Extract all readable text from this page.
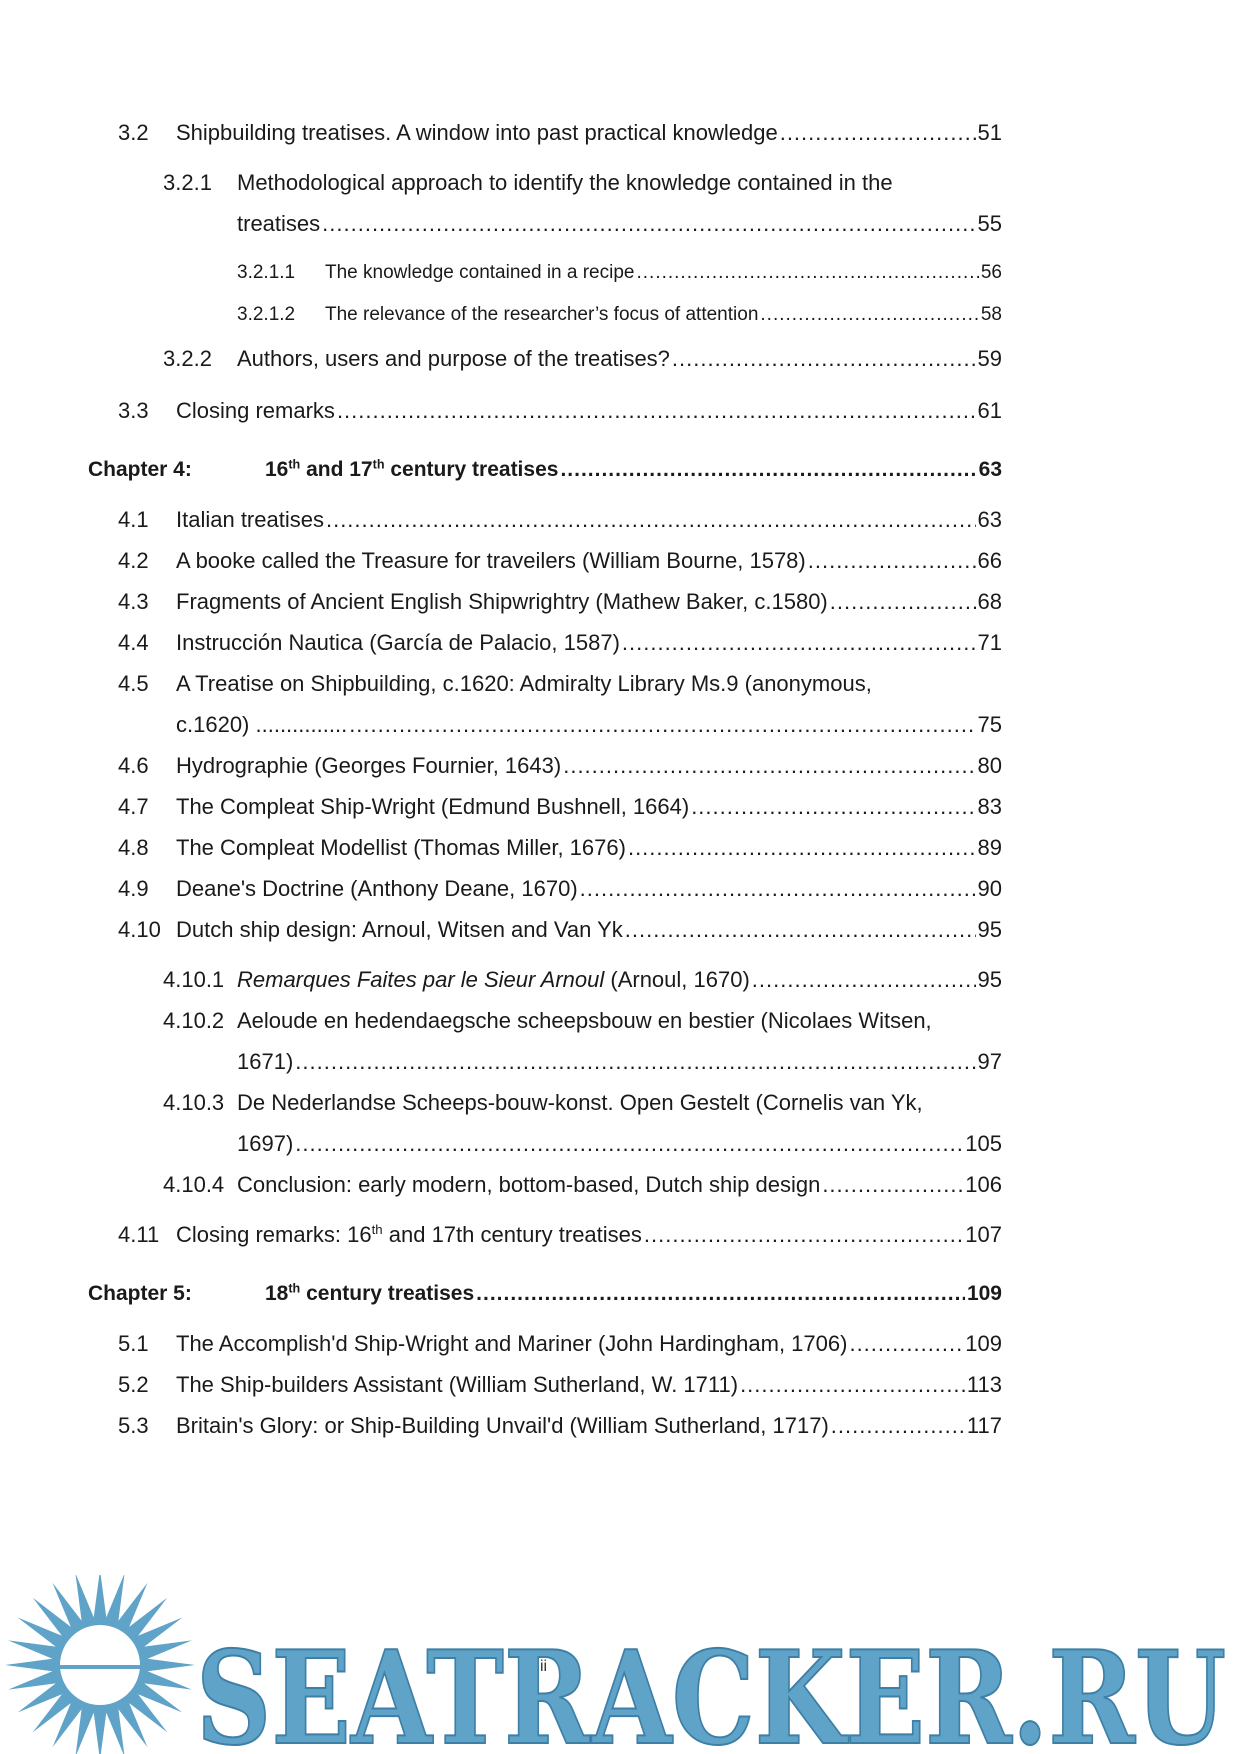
3.2	Shipbuilding treatises. A window into past practical knowledge .....	51
3.2.1	Methodological approach to identify the knowledge contained in the
treatises .....	55
3.2.1.1	The knowledge contained in a recipe .....	56
3.2.1.2	The relevance of the researcher’s focus of attention .....	58
3.2.2	Authors, users and purpose of the treatises? .....	59
3.3	Closing remarks .....	61
Chapter 4:	16th and 17th century treatises .....	63
4.1	Italian treatises .....	63
4.2	A booke called the Treasure for traveilers (William Bourne, 1578) .....	66
4.3	Fragments of Ancient English Shipwrightry (Mathew Baker, c.1580) .....	68
4.4	Instrucción Nautica (García de Palacio, 1587) .....	71
4.5	A Treatise on Shipbuilding, c.1620: Admiralty Library Ms.9 (anonymous,
c.1620) ............... .....	75
4.6	Hydrographie (Georges Fournier, 1643) .....	80
4.7	The Compleat Ship-Wright (Edmund Bushnell, 1664) .....	83
4.8	The Compleat Modellist (Thomas Miller, 1676) .....	89
4.9	Deane's Doctrine (Anthony Deane, 1670) .....	90
4.10 Dutch ship design: Arnoul, Witsen and Van Yk .....	95
4.10.1 Remarques Faites par le Sieur Arnoul (Arnoul, 1670) .....	95
4.10.2 Aeloude en hedendaegsche scheepsbouw en bestier (Nicolaes Witsen,
1671) .....	97
4.10.3 De Nederlandse Scheeps-bouw-konst. Open Gestelt (Cornelis van Yk,
1697) .....	105
4.10.4 Conclusion: early modern, bottom-based, Dutch ship design .....	106
4.11 Closing remarks: 16th and 17th century treatises .....	107
Chapter 5:	18th century treatises .....	109
5.1	The Accomplish'd Ship-Wright and Mariner (John Hardingham, 1706) .....	109
5.2	The Ship-builders Assistant (William Sutherland, W. 1711) .....	113
5.3	Britain's Glory: or Ship-Building Unvail'd (William Sutherland, 1717) .....	117
SEATRACKER.RU
ii
